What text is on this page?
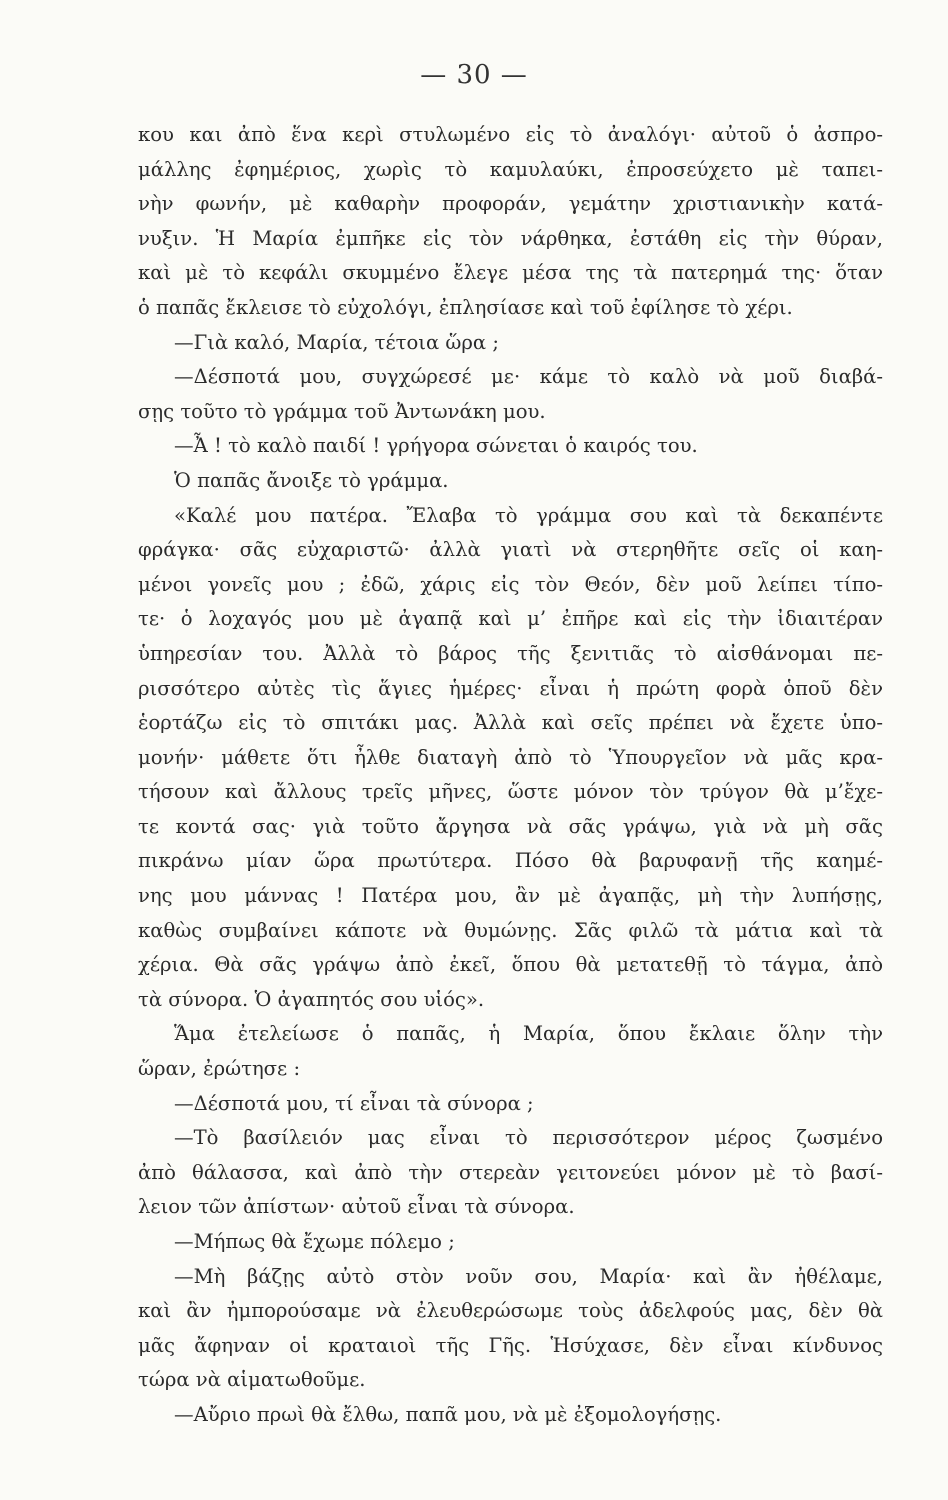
— 30 —
κου και ἀπὸ ἕνα κερὶ στυλωμένο εἰς τὸ ἀναλόγι· αὐτοῦ ὁ ἀσπρο-
μάλλης ἐφημέριος, χωρὶς τὸ καμυλαύκι, ἐπροσεύχετο μὲ ταπει-
νὴν φωνήν, μὲ καθαρὴν προφοράν, γεμάτην χριστιανικὴν κατά-
νυξιν. Ἡ Μαρία ἐμπῆκε εἰς τὸν νάρθηκα, ἐστάθη εἰς τὴν θύραν,
καὶ μὲ τὸ κεφάλι σκυμμένο ἔλεγε μέσα της τὰ πατερημά της· ὅταν
ὁ παπᾶς ἔκλεισε τὸ εὐχολόγι, ἐπλησίασε καὶ τοῦ ἐφίλησε τὸ χέρι.
—Γιὰ καλό, Μαρία, τέτοια ὥρα ;
—Δέσποτά μου, συγχώρεσέ με· κάμε τὸ καλὸ νὰ μοῦ διαβά-
σῃς τοῦτο τὸ γράμμα τοῦ Ἀντωνάκη μου.
—Ἆ ! τὸ καλὸ παιδί ! γρήγορα σώνεται ὁ καιρός του.
Ὁ παπᾶς ἄνοιξε τὸ γράμμα.
«Καλέ μου πατέρα. Ἔλαβα τὸ γράμμα σου καὶ τὰ δεκαπέντε
φράγκα· σᾶς εὐχαριστῶ· ἀλλὰ γιατὶ νὰ στερηθῆτε σεῖς οἱ καη-
μένοι γονεῖς μου ; ἐδῶ, χάρις εἰς τὸν Θεόν, δὲν μοῦ λείπει τίπο-
τε· ὁ λοχαγός μου μὲ ἀγαπᾷ καὶ μ’ ἐπῆρε καὶ εἰς τὴν ἰδιαιτέραν
ὑπηρεσίαν του. Ἀλλὰ τὸ βάρος τῆς ξενιτιᾶς τὸ αἰσθάνομαι πε-
ρισσότερο αὐτὲς τὶς ἅγιες ἡμέρες· εἶναι ἡ πρώτη φορὰ ὁποῦ δὲν
ἑορτάζω εἰς τὸ σπιτάκι μας. Ἀλλὰ καὶ σεῖς πρέπει νὰ ἔχετε ὑπο-
μονήν· μάθετε ὅτι ἦλθε διαταγὴ ἀπὸ τὸ Ὑπουργεῖον νὰ μᾶς κρα-
τήσουν καὶ ἄλλους τρεῖς μῆνες, ὥστε μόνον τὸν τρύγον θὰ μ’ἔχε-
τε κοντά σας· γιὰ τοῦτο ἄργησα νὰ σᾶς γράψω, γιὰ νὰ μὴ σᾶς
πικράνω μίαν ὥρα πρωτύτερα. Πόσο θὰ βαρυφανῇ τῆς καημέ-
νης μου μάννας ! Πατέρα μου, ἂν μὲ ἀγαπᾷς, μὴ τὴν λυπήσῃς,
καθὼς συμβαίνει κάποτε νὰ θυμώνῃς. Σᾶς φιλῶ τὰ μάτια καὶ τὰ
χέρια. Θὰ σᾶς γράψω ἀπὸ ἐκεῖ, ὅπου θὰ μετατεθῇ τὸ τάγμα, ἀπὸ
τὰ σύνορα. Ὁ ἀγαπητός σου υἱός».
Ἅμα ἐτελείωσε ὁ παπᾶς, ἡ Μαρία, ὅπου ἔκλαιε ὅλην τὴν
ὥραν, ἐρώτησε :
—Δέσποτά μου, τί εἶναι τὰ σύνορα ;
—Τὸ βασίλειόν μας εἶναι τὸ περισσότερον μέρος ζωσμένο
ἀπὸ θάλασσα, καὶ ἀπὸ τὴν στερεὰν γειτονεύει μόνον μὲ τὸ βασί-
λειον τῶν ἀπίστων· αὐτοῦ εἶναι τὰ σύνορα.
—Μήπως θὰ ἔχωμε πόλεμο ;
—Μὴ βάζῃς αὐτὸ στὸν νοῦν σου, Μαρία· καὶ ἂν ἠθέλαμε,
καὶ ἂν ἠμπορούσαμε νὰ ἐλευθερώσωμε τοὺς ἀδελφούς μας, δὲν θὰ
μᾶς ἄφηναν οἱ κραταιοὶ τῆς Γῆς. Ἡσύχασε, δὲν εἶναι κίνδυνος
τώρα νὰ αἱματωθοῦμε.
—Αὔριο πρωὶ θὰ ἔλθω, παπᾶ μου, νὰ μὲ ἐξομολογήσῃς.
